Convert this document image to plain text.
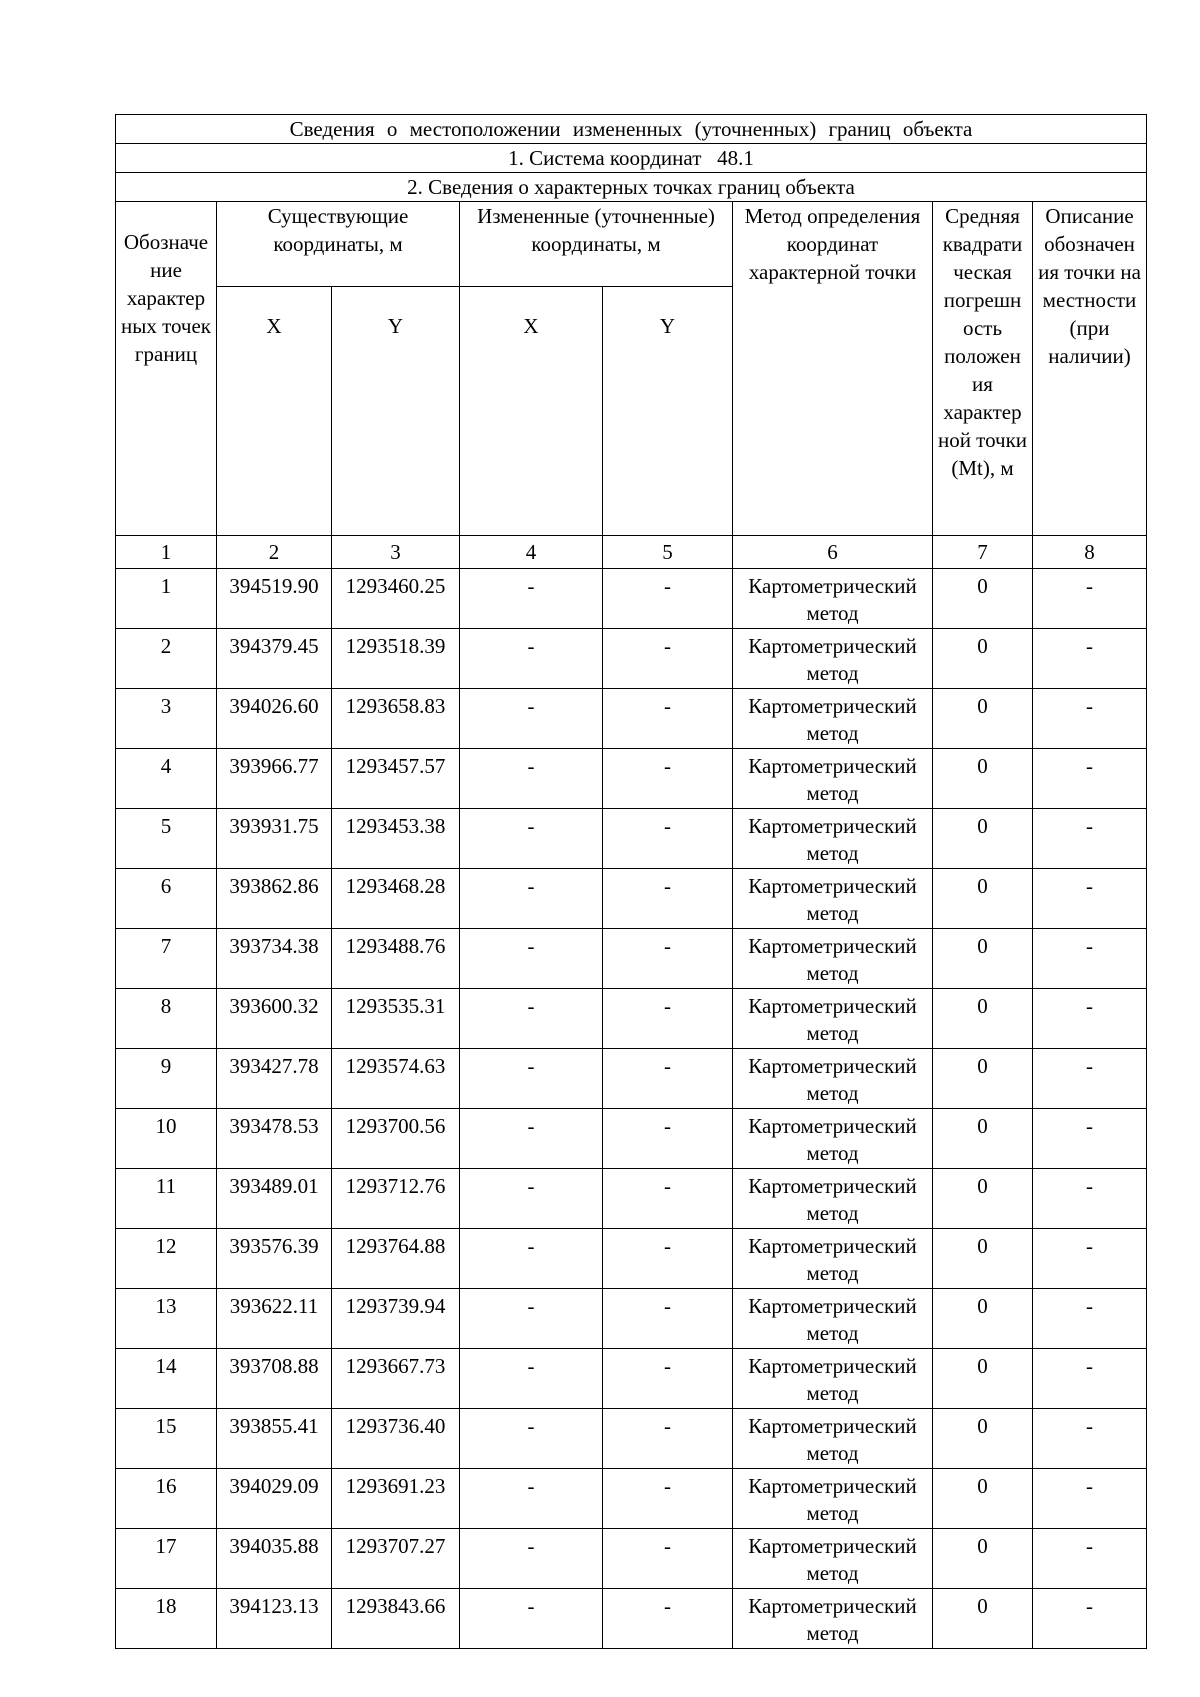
Сведения о местоположении измененных (уточненных) границ объекта							
1. Система координат   48.1							
2. Сведения о характерных точках границ объекта							
Обозначе ние характер ных точек границ	Существующие координаты, м		Измененные (уточненные) координаты, м		Метод определения координат характерной точки	Средняя квадрати ческая погрешн ость положен ия характер ной точки (Mt), м	Описание обозначен ия точки на местности (при наличии)
	X	Y	X	Y			
1	2	3	4	5	6	7	8
1	394519.90	1293460.25	-	-	Картометрический метод	0	-
2	394379.45	1293518.39	-	-	Картометрический метод	0	-
3	394026.60	1293658.83	-	-	Картометрический метод	0	-
4	393966.77	1293457.57	-	-	Картометрический метод	0	-
5	393931.75	1293453.38	-	-	Картометрический метод	0	-
6	393862.86	1293468.28	-	-	Картометрический метод	0	-
7	393734.38	1293488.76	-	-	Картометрический метод	0	-
8	393600.32	1293535.31	-	-	Картометрический метод	0	-
9	393427.78	1293574.63	-	-	Картометрический метод	0	-
10	393478.53	1293700.56	-	-	Картометрический метод	0	-
11	393489.01	1293712.76	-	-	Картометрический метод	0	-
12	393576.39	1293764.88	-	-	Картометрический метод	0	-
13	393622.11	1293739.94	-	-	Картометрический метод	0	-
14	393708.88	1293667.73	-	-	Картометрический метод	0	-
15	393855.41	1293736.40	-	-	Картометрический метод	0	-
16	394029.09	1293691.23	-	-	Картометрический метод	0	-
17	394035.88	1293707.27	-	-	Картометрический метод	0	-
18	394123.13	1293843.66	-	-	Картометрический метод	0	-
